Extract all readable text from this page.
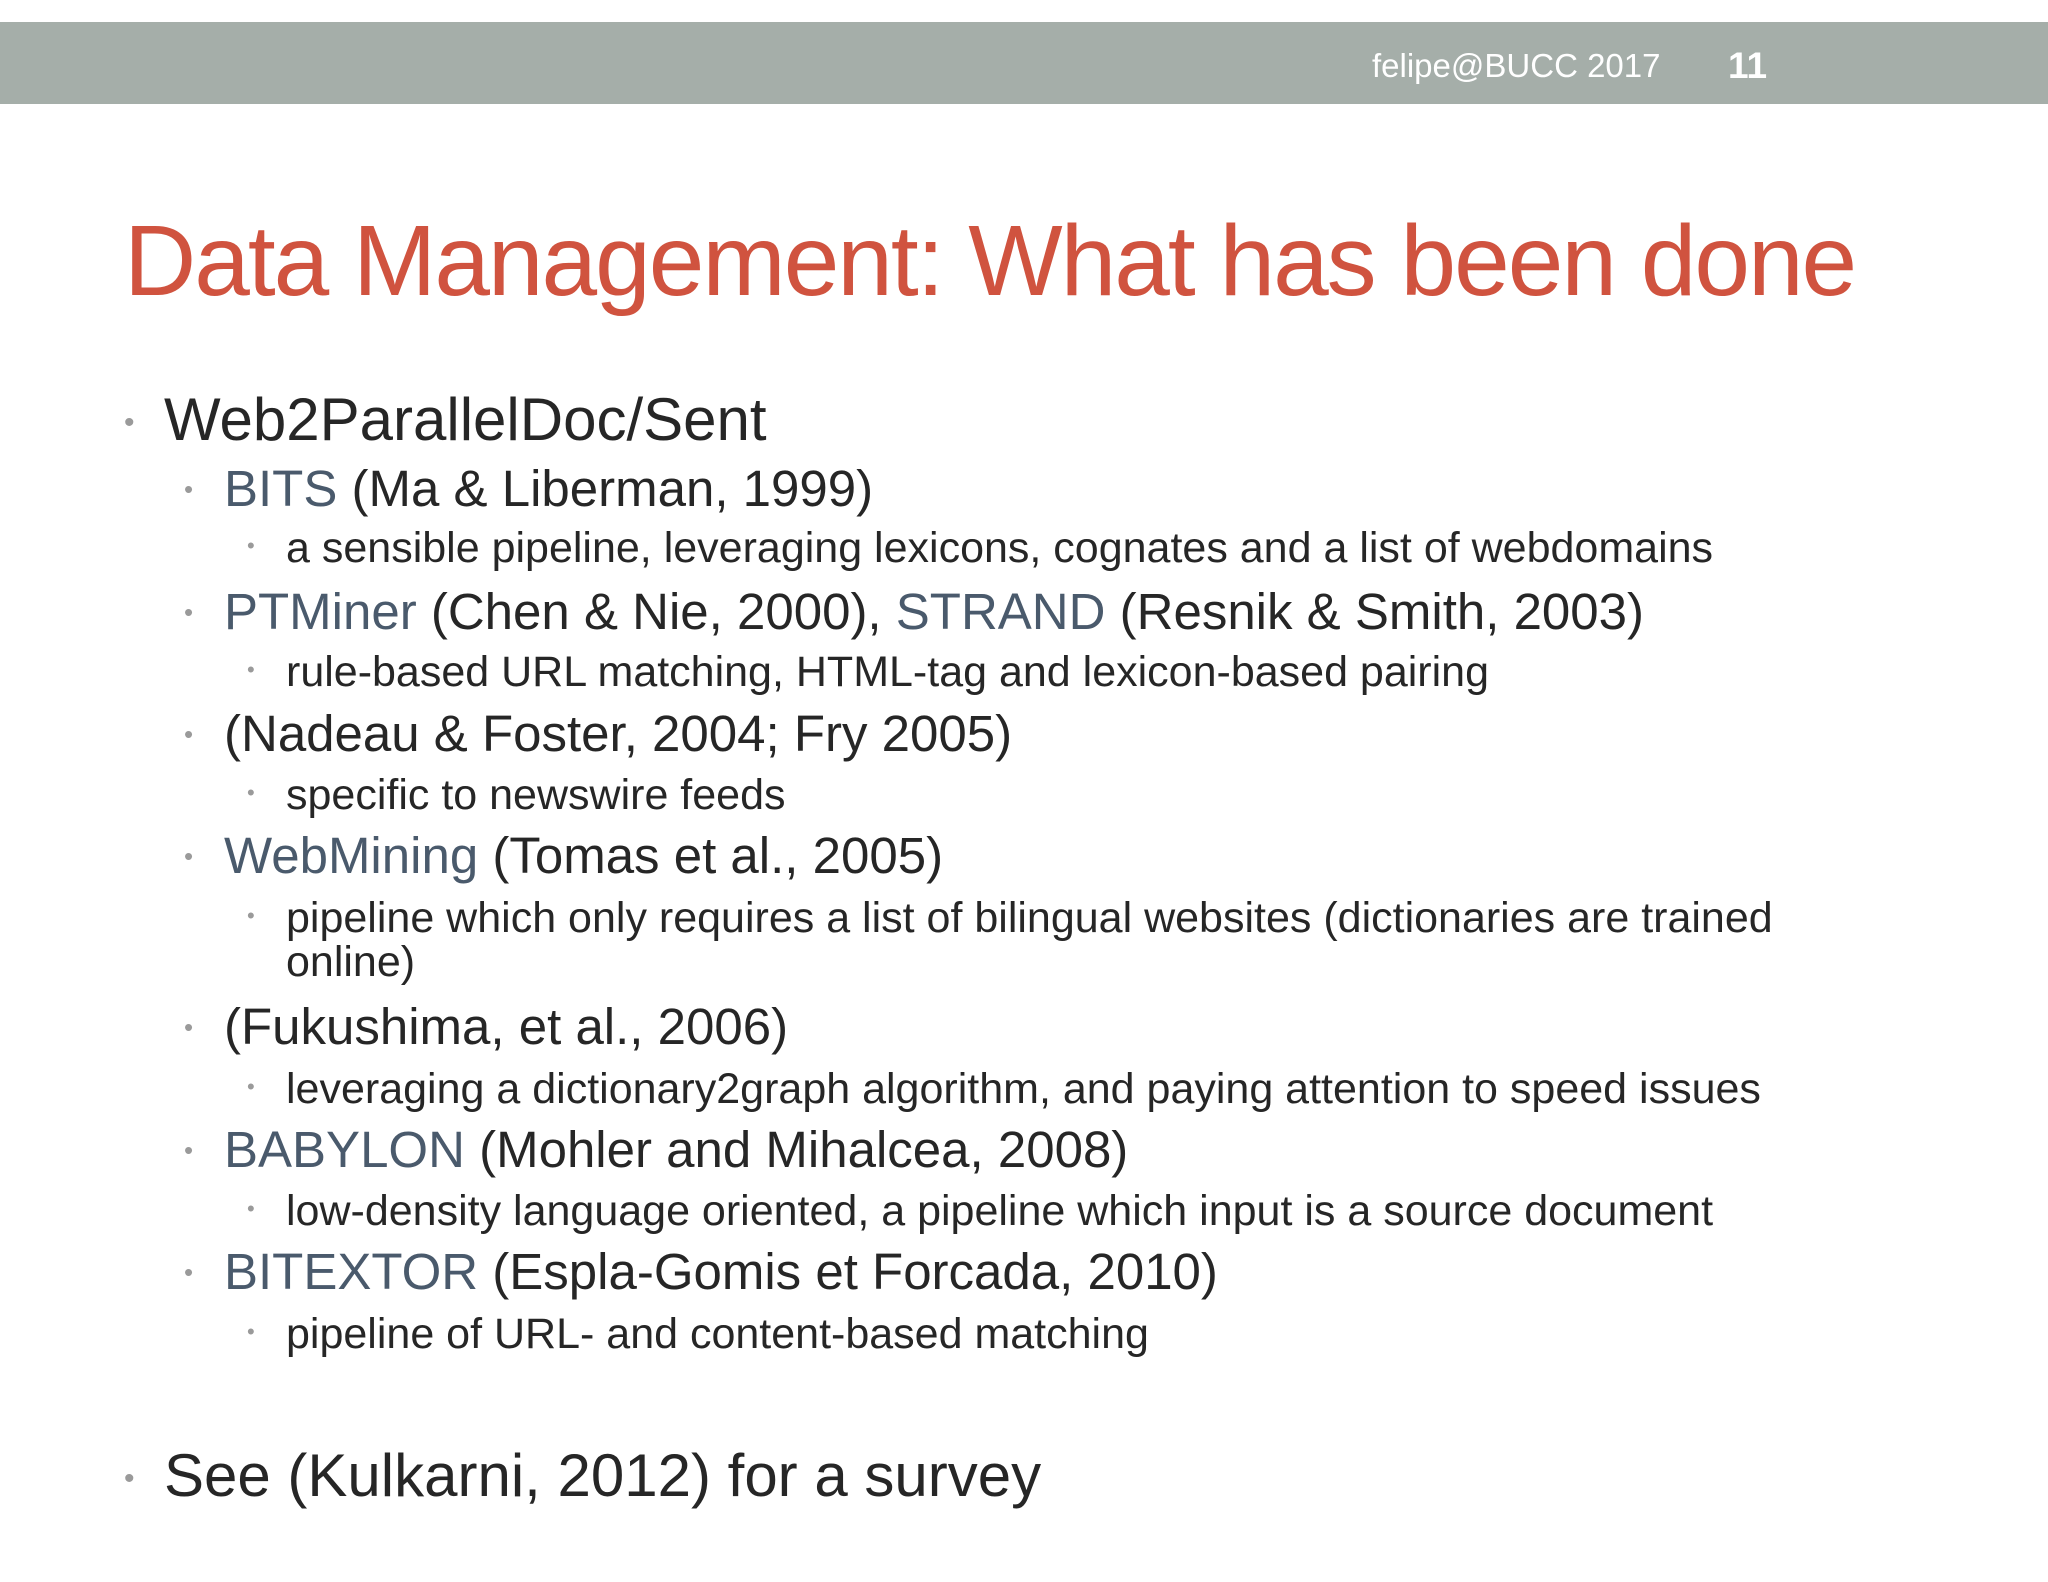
felipe@BUCC 2017 11
Data Management: What has been done
• Web2ParallelDoc/Sent
• BITS (Ma & Liberman, 1999)
• a sensible pipeline, leveraging lexicons, cognates and a list of webdomains
• PTMiner (Chen & Nie, 2000), STRAND (Resnik & Smith, 2003)
• rule-based URL matching, HTML-tag and lexicon-based pairing
• (Nadeau & Foster, 2004; Fry 2005)
• specific to newswire feeds
• WebMining (Tomas et al., 2005)
• pipeline which only requires a list of bilingual websites (dictionaries are trained
online)
• (Fukushima, et al., 2006)
• leveraging a dictionary2graph algorithm, and paying attention to speed issues
• BABYLON (Mohler and Mihalcea, 2008)
• low-density language oriented, a pipeline which input is a source document
• BITEXTOR (Espla-Gomis et Forcada, 2010)
• pipeline of URL- and content-based matching
• See (Kulkarni, 2012) for a survey
